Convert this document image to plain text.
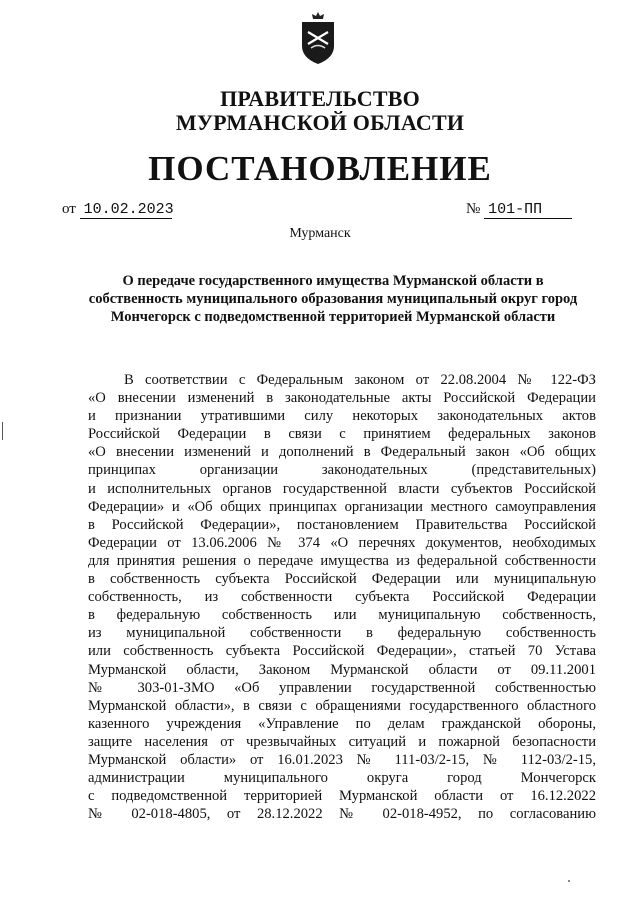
ПРАВИТЕЛЬСТВО
МУРМАНСКОЙ ОБЛАСТИ
ПОСТАНОВЛЕНИЕ
от 10.02.2023	№ 101-ПП
Мурманск
О передаче государственного имущества Мурманской области в собственность муниципального образования муниципальный округ город Мончегорск с подведомственной территорией Мурманской области
В соответствии с Федеральным законом от 22.08.2004 № 122-ФЗ
«О внесении изменений в законодательные акты Российской Федерации
и признании утратившими силу некоторых законодательных актов
Российской Федерации в связи с принятием федеральных законов
«О внесении изменений и дополнений в Федеральный закон «Об общих
принципах организации законодательных (представительных)
и исполнительных органов государственной власти субъектов Российской
Федерации» и «Об общих принципах организации местного самоуправления
в Российской Федерации», постановлением Правительства Российской
Федерации от 13.06.2006 № 374 «О перечнях документов, необходимых
для принятия решения о передаче имущества из федеральной собственности
в собственность субъекта Российской Федерации или муниципальную
собственность, из собственности субъекта Российской Федерации
в федеральную собственность или муниципальную собственность,
из муниципальной собственности в федеральную собственность
или собственность субъекта Российской Федерации», статьей 70 Устава
Мурманской области, Законом Мурманской области от 09.11.2001
№ 303-01-ЗМО «Об управлении государственной собственностью
Мурманской области», в связи с обращениями государственного областного
казенного учреждения «Управление по делам гражданской обороны,
защите населения от чрезвычайных ситуаций и пожарной безопасности
Мурманской области» от 16.01.2023 № 111-03/2-15, № 112-03/2-15,
администрации муниципального округа город Мончегорск
с подведомственной территорией Мурманской области от 16.12.2022
№ 02-018-4805, от 28.12.2022 № 02-018-4952, по согласованию
